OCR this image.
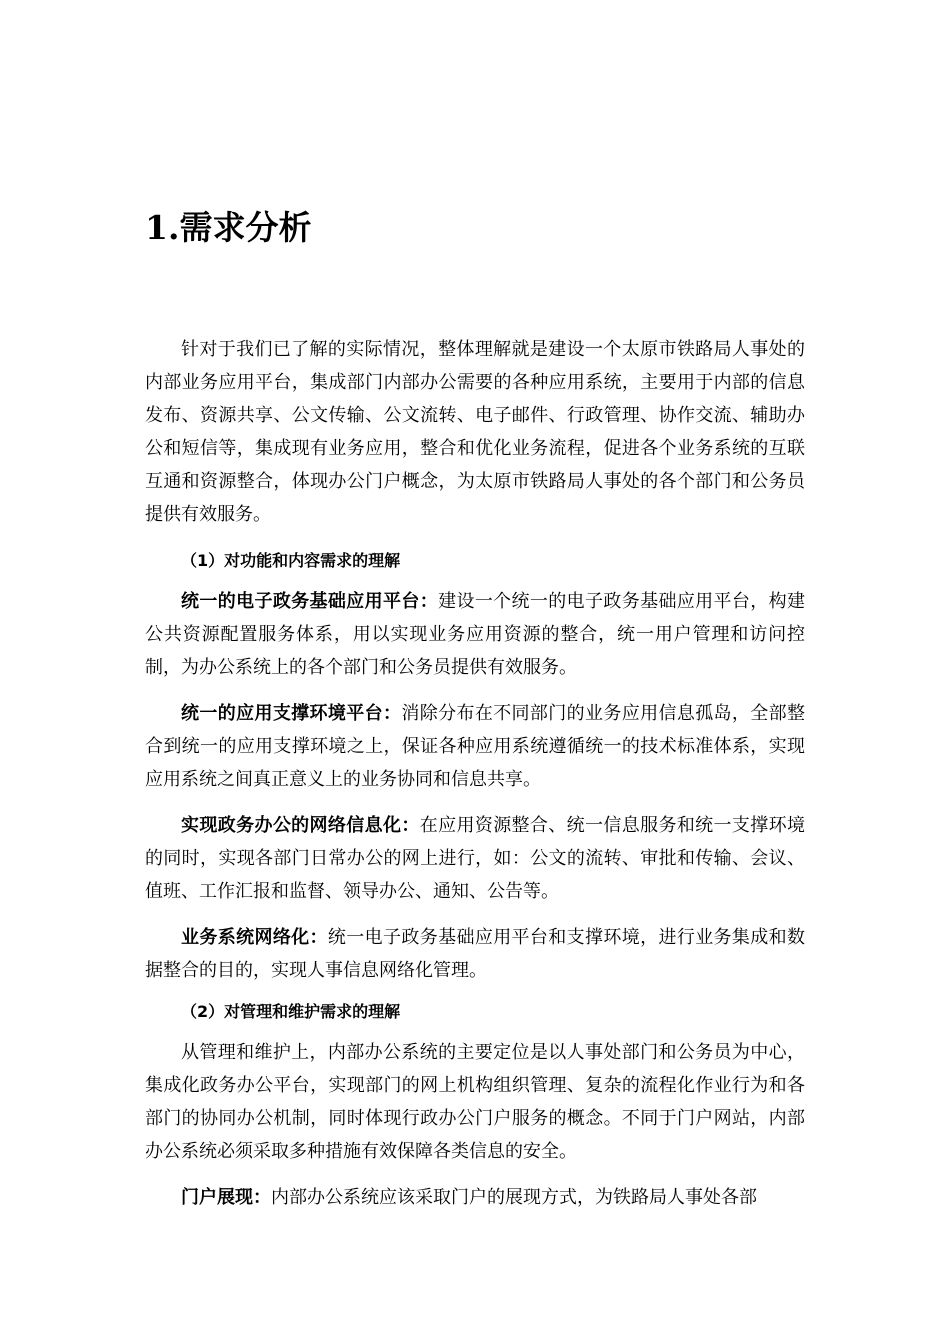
1.需求分析

针对于我们已了解的实际情况，整体理解就是建设一个太原市铁路局人事处的内部业务应用平台，集成部门内部办公需要的各种应用系统，主要用于内部的信息发布、资源共享、公文传输、公文流转、电子邮件、行政管理、协作交流、辅助办公和短信等，集成现有业务应用，整合和优化业务流程，促进各个业务系统的互联互通和资源整合，体现办公门户概念，为太原市铁路局人事处的各个部门和公务员提供有效服务。

（1）对功能和内容需求的理解

统一的电子政务基础应用平台：建设一个统一的电子政务基础应用平台，构建公共资源配置服务体系，用以实现业务应用资源的整合，统一用户管理和访问控制，为办公系统上的各个部门和公务员提供有效服务。

统一的应用支撑环境平台：消除分布在不同部门的业务应用信息孤岛，全部整合到统一的应用支撑环境之上，保证各种应用系统遵循统一的技术标准体系，实现应用系统之间真正意义上的业务协同和信息共享。

实现政务办公的网络信息化：在应用资源整合、统一信息服务和统一支撑环境的同时，实现各部门日常办公的网上进行，如：公文的流转、审批和传输、会议、值班、工作汇报和监督、领导办公、通知、公告等。

业务系统网络化：统一电子政务基础应用平台和支撑环境，进行业务集成和数据整合的目的，实现人事信息网络化管理。

（2）对管理和维护需求的理解

从管理和维护上，内部办公系统的主要定位是以人事处部门和公务员为中心，集成化政务办公平台，实现部门的网上机构组织管理、复杂的流程化作业行为和各部门的协同办公机制，同时体现行政办公门户服务的概念。不同于门户网站，内部办公系统必须采取多种措施有效保障各类信息的安全。

门户展现：内部办公系统应该采取门户的展现方式，为铁路局人事处各部
